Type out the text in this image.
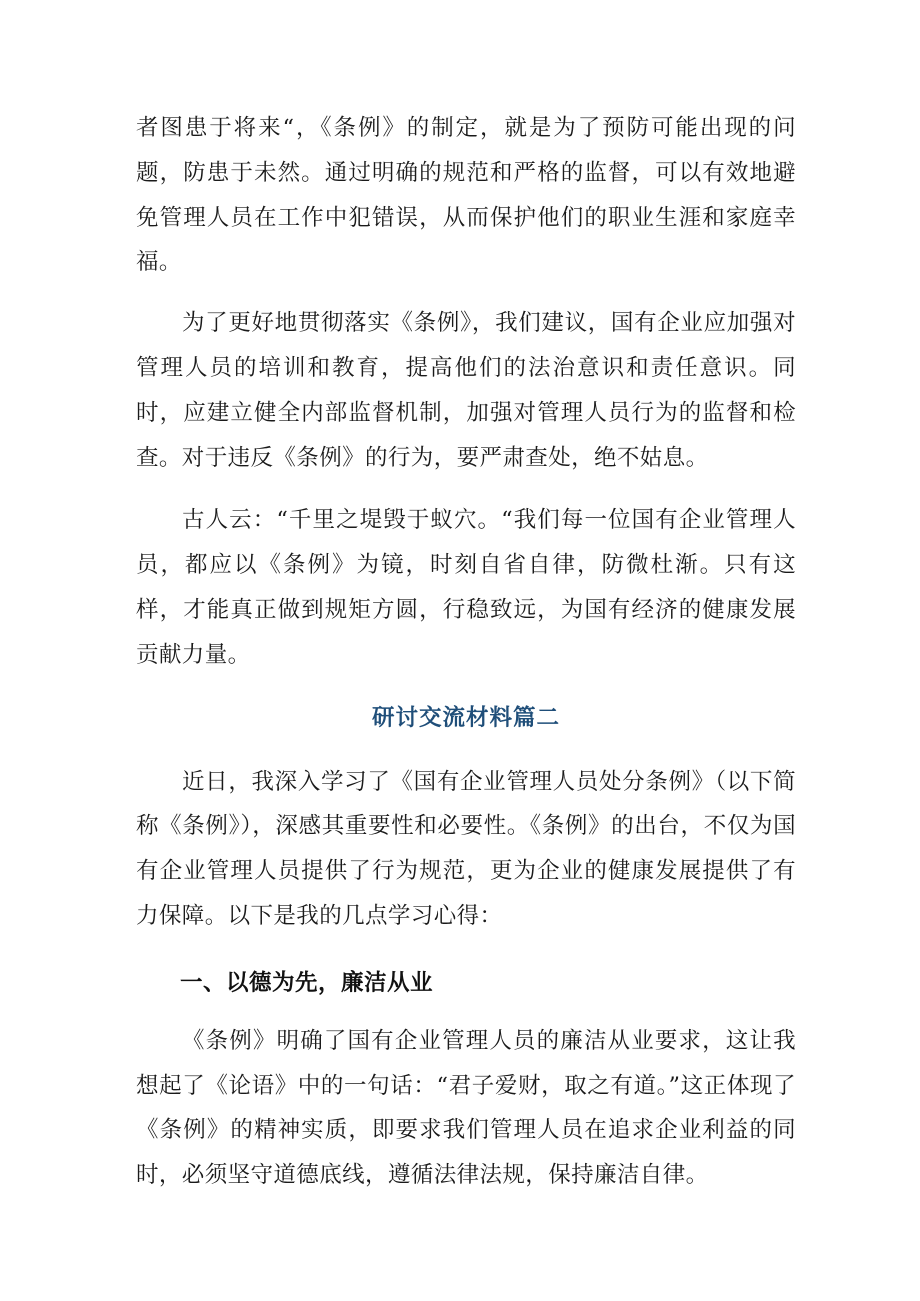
者图患于将来“，《条例》的制定，就是为了预防可能出现的问题，防患于未然。通过明确的规范和严格的监督，可以有效地避免管理人员在工作中犯错误，从而保护他们的职业生涯和家庭幸福。

为了更好地贯彻落实《条例》，我们建议，国有企业应加强对管理人员的培训和教育，提高他们的法治意识和责任意识。同时，应建立健全内部监督机制，加强对管理人员行为的监督和检查。对于违反《条例》的行为，要严肃查处，绝不姑息。

古人云：“千里之堤毁于蚁穴。“我们每一位国有企业管理人员，都应以《条例》为镜，时刻自省自律，防微杜渐。只有这样，才能真正做到规矩方圆，行稳致远，为国有经济的健康发展贡献力量。

研讨交流材料篇二

近日，我深入学习了《国有企业管理人员处分条例》（以下简称《条例》），深感其重要性和必要性。《条例》的出台，不仅为国有企业管理人员提供了行为规范，更为企业的健康发展提供了有力保障。以下是我的几点学习心得：

一、以德为先，廉洁从业

《条例》明确了国有企业管理人员的廉洁从业要求，这让我想起了《论语》中的一句话：“君子爱财，取之有道。”这正体现了《条例》的精神实质，即要求我们管理人员在追求企业利益的同时，必须坚守道德底线，遵循法律法规，保持廉洁自律。
